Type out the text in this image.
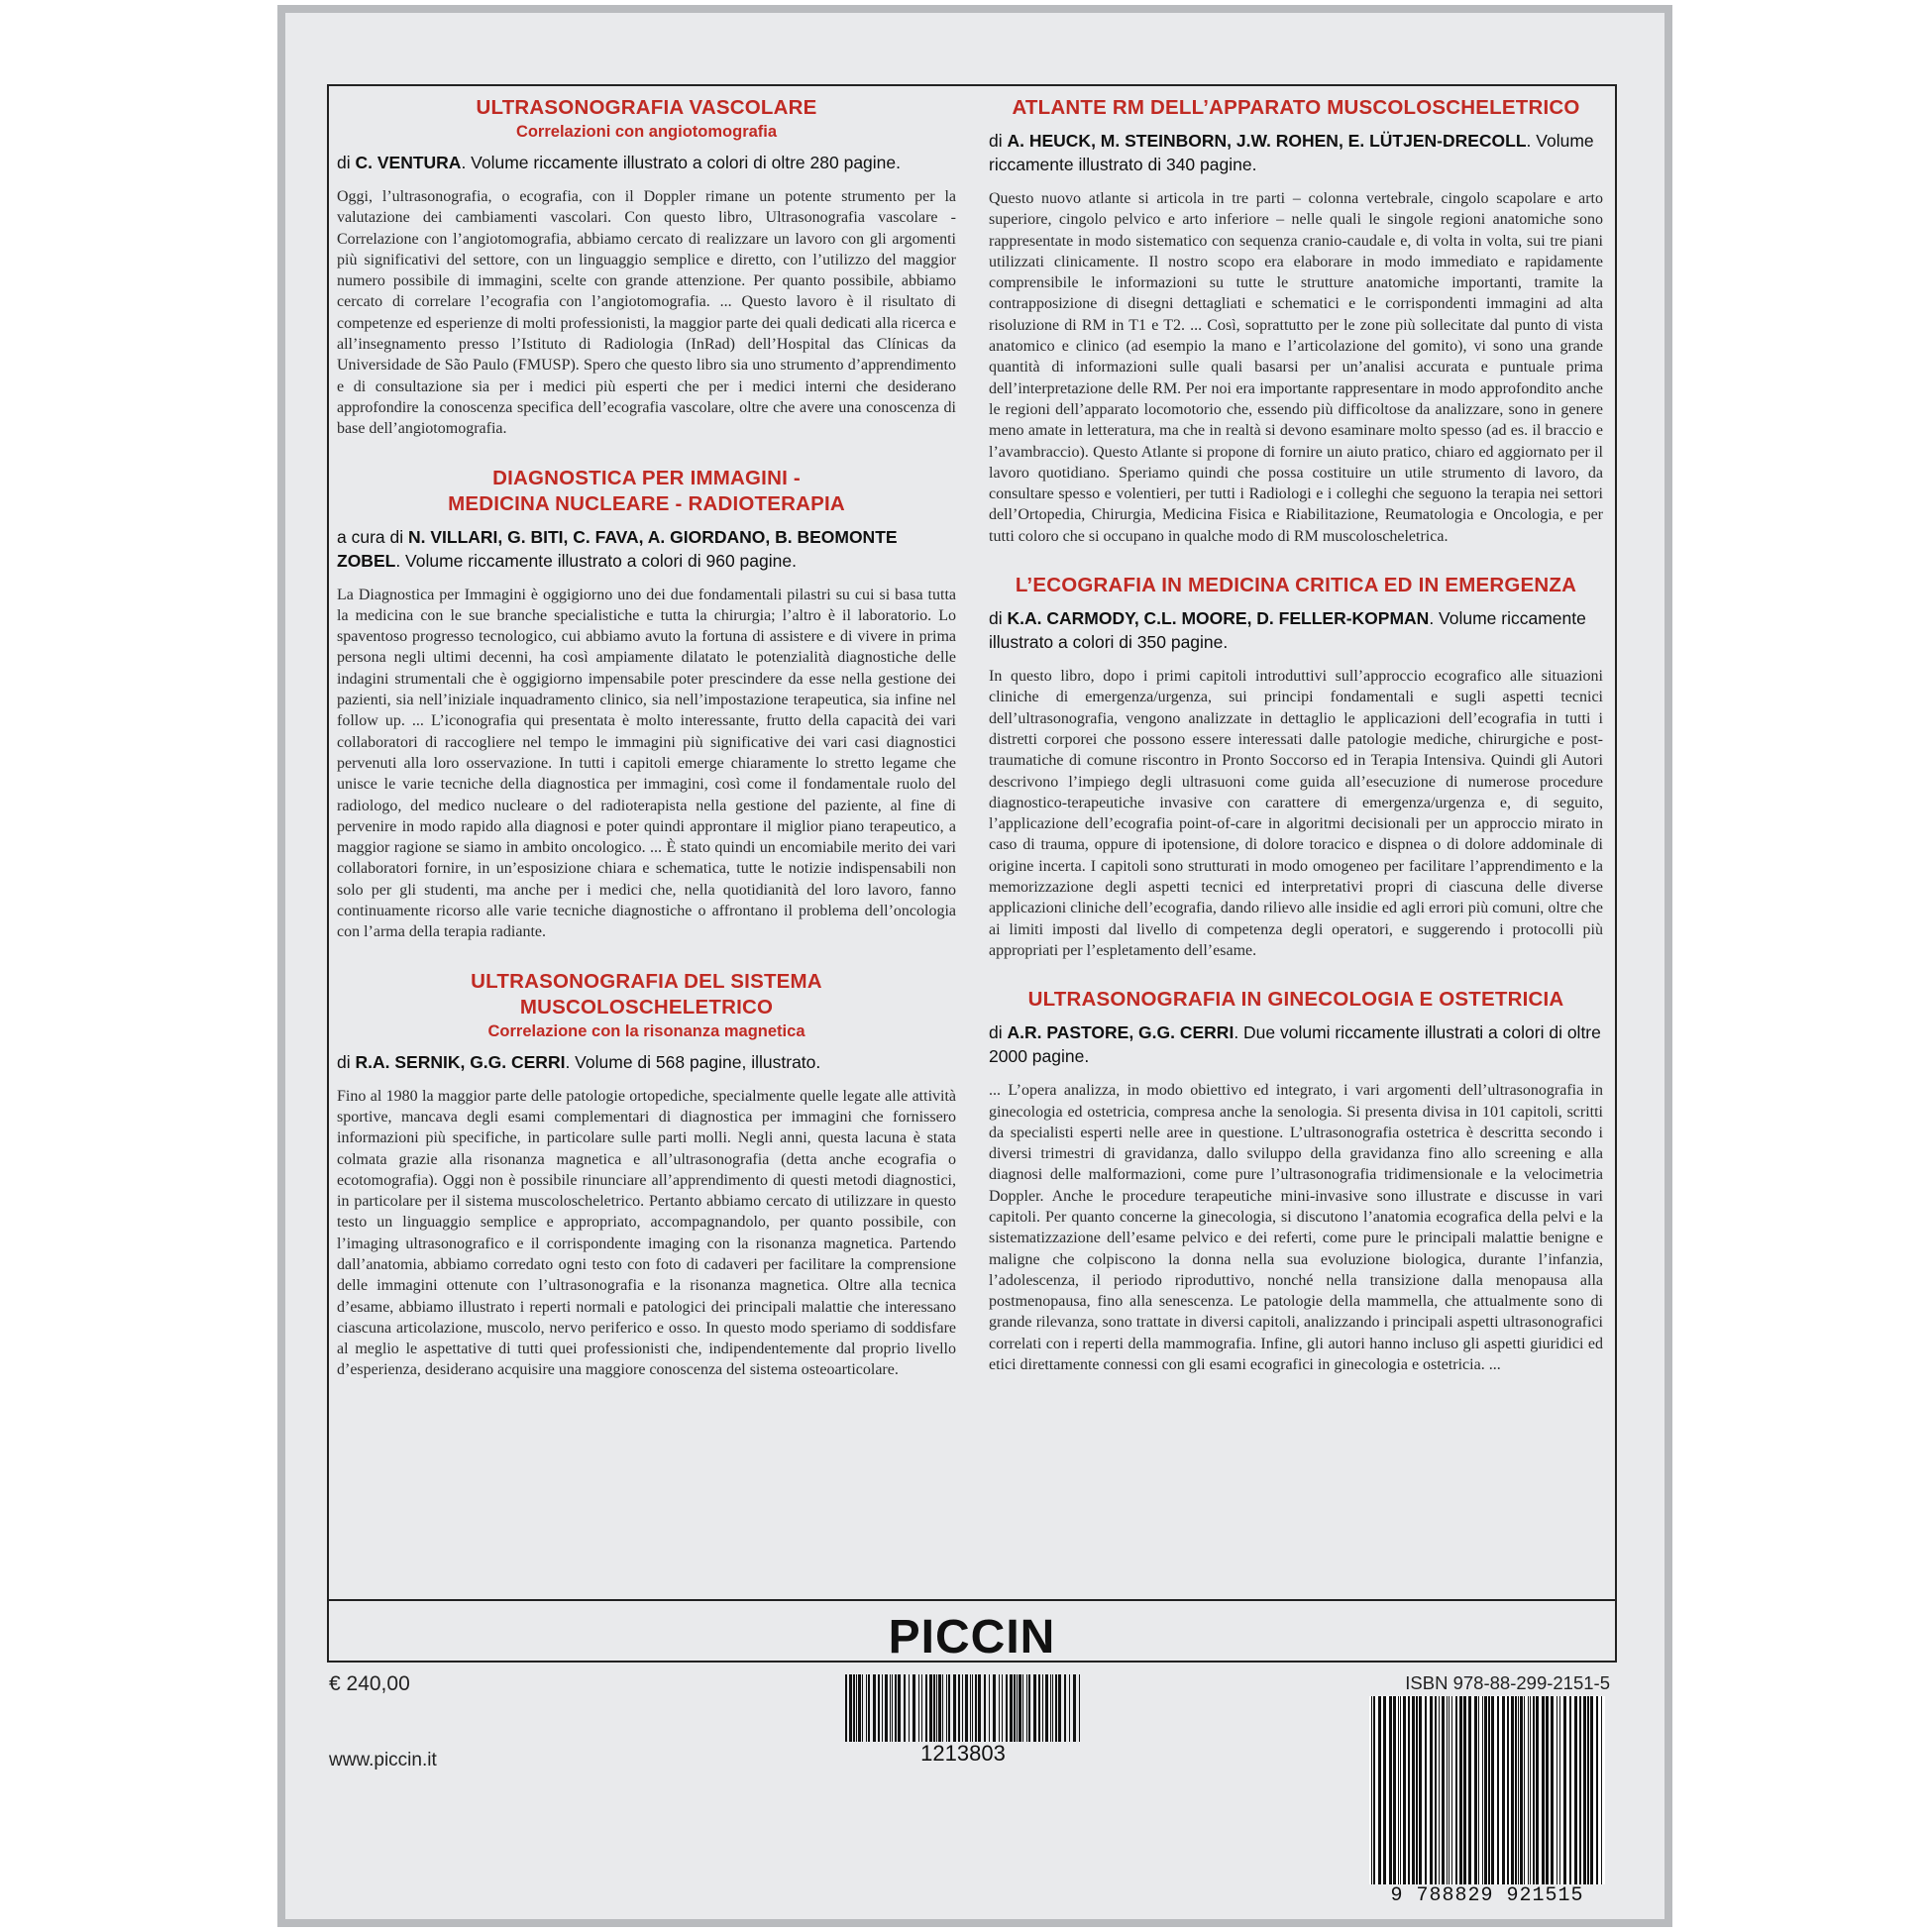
PICCIN
ULTRASONOGRAFIA VASCOLARE
Correlazioni con angiotomografia
di C. VENTURA. Volume riccamente illustrato a colori di oltre 280 pagine.
Oggi, l’ultrasonografia, o ecografia, con il Doppler rimane un potente strumento per la valutazione dei cambiamenti vascolari. Con questo libro, Ultrasonografia vascolare - Correlazione con l’angiotomografia, abbiamo cercato di realizzare un lavoro con gli argomenti più significativi del settore, con un linguaggio semplice e diretto, con l’utilizzo del maggior numero possibile di immagini, scelte con grande attenzione. Per quanto possibile, abbiamo cercato di correlare l’ecografia con l’angiotomografia. ... Questo lavoro è il risultato di competenze ed esperienze di molti professionisti, la maggior parte dei quali dedicati alla ricerca e all’insegnamento presso l’Istituto di Radiologia (InRad) dell’Hospital das Clínicas da Universidade de São Paulo (FMUSP). Spero che questo libro sia uno strumento d’apprendimento e di consultazione sia per i medici più esperti che per i medici interni che desiderano approfondire la conoscenza specifica dell’ecografia vascolare, oltre che avere una conoscenza di base dell’angiotomografia.
DIAGNOSTICA PER IMMAGINI -
MEDICINA NUCLEARE - RADIOTERAPIA
a cura di N. VILLARI, G. BITI, C. FAVA, A. GIORDANO, B. BEOMONTE ZOBEL. Volume riccamente illustrato a colori di 960 pagine.
La Diagnostica per Immagini è oggigiorno uno dei due fondamentali pilastri su cui si basa tutta la medicina con le sue branche specialistiche e tutta la chirurgia; l’altro è il laboratorio. Lo spaventoso progresso tecnologico, cui abbiamo avuto la fortuna di assistere e di vivere in prima persona negli ultimi decenni, ha così ampiamente dilatato le potenzialità diagnostiche delle indagini strumentali che è oggigiorno impensabile poter prescindere da esse nella gestione dei pazienti, sia nell’iniziale inquadramento clinico, sia nell’impostazione terapeutica, sia infine nel follow up. ... L’iconografia qui presentata è molto interessante, frutto della capacità dei vari collaboratori di raccogliere nel tempo le immagini più significative dei vari casi diagnostici pervenuti alla loro osservazione. In tutti i capitoli emerge chiaramente lo stretto legame che unisce le varie tecniche della diagnostica per immagini, così come il fondamentale ruolo del radiologo, del medico nucleare o del radioterapista nella gestione del paziente, al fine di pervenire in modo rapido alla diagnosi e poter quindi approntare il miglior piano terapeutico, a maggior ragione se siamo in ambito oncologico. ... È stato quindi un encomiabile merito dei vari collaboratori fornire, in un’esposizione chiara e schematica, tutte le notizie indispensabili non solo per gli studenti, ma anche per i medici che, nella quotidianità del loro lavoro, fanno continuamente ricorso alle varie tecniche diagnostiche o affrontano il problema dell’oncologia con l’arma della terapia radiante.
ULTRASONOGRAFIA DEL SISTEMA
MUSCOLOSCHELETRICO
Correlazione con la risonanza magnetica
di R.A. SERNIK, G.G. CERRI. Volume di 568 pagine, illustrato.
Fino al 1980 la maggior parte delle patologie ortopediche, specialmente quelle legate alle attività sportive, mancava degli esami complementari di diagnostica per immagini che fornissero informazioni più specifiche, in particolare sulle parti molli. Negli anni, questa lacuna è stata colmata grazie alla risonanza magnetica e all’ultrasonografia (detta anche ecografia o ecotomografia). Oggi non è possibile rinunciare all’apprendimento di questi metodi diagnostici, in particolare per il sistema muscoloscheletrico. Pertanto abbiamo cercato di utilizzare in questo testo un linguaggio semplice e appropriato, accompagnandolo, per quanto possibile, con l’imaging ultrasonografico e il corrispondente imaging con la risonanza magnetica. Partendo dall’anatomia, abbiamo corredato ogni testo con foto di cadaveri per facilitare la comprensione delle immagini ottenute con l’ultrasonografia e la risonanza magnetica. Oltre alla tecnica d’esame, abbiamo illustrato i reperti normali e patologici dei principali malattie che interessano ciascuna articolazione, muscolo, nervo periferico e osso. In questo modo speriamo di soddisfare al meglio le aspettative di tutti quei professionisti che, indipendentemente dal proprio livello d’esperienza, desiderano acquisire una maggiore conoscenza del sistema osteoarticolare.
ATLANTE RM DELL’APPARATO MUSCOLOSCHELETRICO
di A. HEUCK, M. STEINBORN, J.W. ROHEN, E. LÜTJEN-DRECOLL. Volume riccamente illustrato di 340 pagine.
Questo nuovo atlante si articola in tre parti – colonna vertebrale, cingolo scapolare e arto superiore, cingolo pelvico e arto inferiore – nelle quali le singole regioni anatomiche sono rappresentate in modo sistematico con sequenza cranio-caudale e, di volta in volta, sui tre piani utilizzati clinicamente. Il nostro scopo era elaborare in modo immediato e rapidamente comprensibile le informazioni su tutte le strutture anatomiche importanti, tramite la contrapposizione di disegni dettagliati e schematici e le corrispondenti immagini ad alta risoluzione di RM in T1 e T2. ... Così, soprattutto per le zone più sollecitate dal punto di vista anatomico e clinico (ad esempio la mano e l’articolazione del gomito), vi sono una grande quantità di informazioni sulle quali basarsi per un’analisi accurata e puntuale prima dell’interpretazione delle RM. Per noi era importante rappresentare in modo approfondito anche le regioni dell’apparato locomotorio che, essendo più difficoltose da analizzare, sono in genere meno amate in letteratura, ma che in realtà si devono esaminare molto spesso (ad es. il braccio e l’avambraccio). Questo Atlante si propone di fornire un aiuto pratico, chiaro ed aggiornato per il lavoro quotidiano. Speriamo quindi che possa costituire un utile strumento di lavoro, da consultare spesso e volentieri, per tutti i Radiologi e i colleghi che seguono la terapia nei settori dell’Ortopedia, Chirurgia, Medicina Fisica e Riabilitazione, Reumatologia e Oncologia, e per tutti coloro che si occupano in qualche modo di RM muscoloscheletrica.
L’ECOGRAFIA IN MEDICINA CRITICA ED IN EMERGENZA
di K.A. CARMODY, C.L. MOORE, D. FELLER-KOPMAN. Volume riccamente illustrato a colori di 350 pagine.
In questo libro, dopo i primi capitoli introduttivi sull’approccio ecografico alle situazioni cliniche di emergenza/urgenza, sui principi fondamentali e sugli aspetti tecnici dell’ultrasonografia, vengono analizzate in dettaglio le applicazioni dell’ecografia in tutti i distretti corporei che possono essere interessati dalle patologie mediche, chirurgiche e post-traumatiche di comune riscontro in Pronto Soccorso ed in Terapia Intensiva. Quindi gli Autori descrivono l’impiego degli ultrasuoni come guida all’esecuzione di numerose procedure diagnostico-terapeutiche invasive con carattere di emergenza/urgenza e, di seguito, l’applicazione dell’ecografia point-of-care in algoritmi decisionali per un approccio mirato in caso di trauma, oppure di ipotensione, di dolore toracico e dispnea o di dolore addominale di origine incerta. I capitoli sono strutturati in modo omogeneo per facilitare l’apprendimento e la memorizzazione degli aspetti tecnici ed interpretativi propri di ciascuna delle diverse applicazioni cliniche dell’ecografia, dando rilievo alle insidie ed agli errori più comuni, oltre che ai limiti imposti dal livello di competenza degli operatori, e suggerendo i protocolli più appropriati per l’espletamento dell’esame.
ULTRASONOGRAFIA IN GINECOLOGIA E OSTETRICIA
di A.R. PASTORE, G.G. CERRI. Due volumi riccamente illustrati a colori di oltre 2000 pagine.
... L’opera analizza, in modo obiettivo ed integrato, i vari argomenti dell’ultrasonografia in ginecologia ed ostetricia, compresa anche la senologia. Si presenta divisa in 101 capitoli, scritti da specialisti esperti nelle aree in questione. L’ultrasonografia ostetrica è descritta secondo i diversi trimestri di gravidanza, dallo sviluppo della gravidanza fino allo screening e alla diagnosi delle malformazioni, come pure l’ultrasonografia tridimensionale e la velocimetria Doppler. Anche le procedure terapeutiche mini-invasive sono illustrate e discusse in vari capitoli. Per quanto concerne la ginecologia, si discutono l’anatomia ecografica della pelvi e la sistematizzazione dell’esame pelvico e dei referti, come pure le principali malattie benigne e maligne che colpiscono la donna nella sua evoluzione biologica, durante l’infanzia, l’adolescenza, il periodo riproduttivo, nonché nella transizione dalla menopausa alla postmenopausa, fino alla senescenza. Le patologie della mammella, che attualmente sono di grande rilevanza, sono trattate in diversi capitoli, analizzando i principali aspetti ultrasonografici correlati con i reperti della mammografia. Infine, gli autori hanno incluso gli aspetti giuridici ed etici direttamente connessi con gli esami ecografici in ginecologia e ostetricia. ...
€ 240,00
www.piccin.it
ISBN 978-88-299-2151-5
1213803
9 788829 921515
